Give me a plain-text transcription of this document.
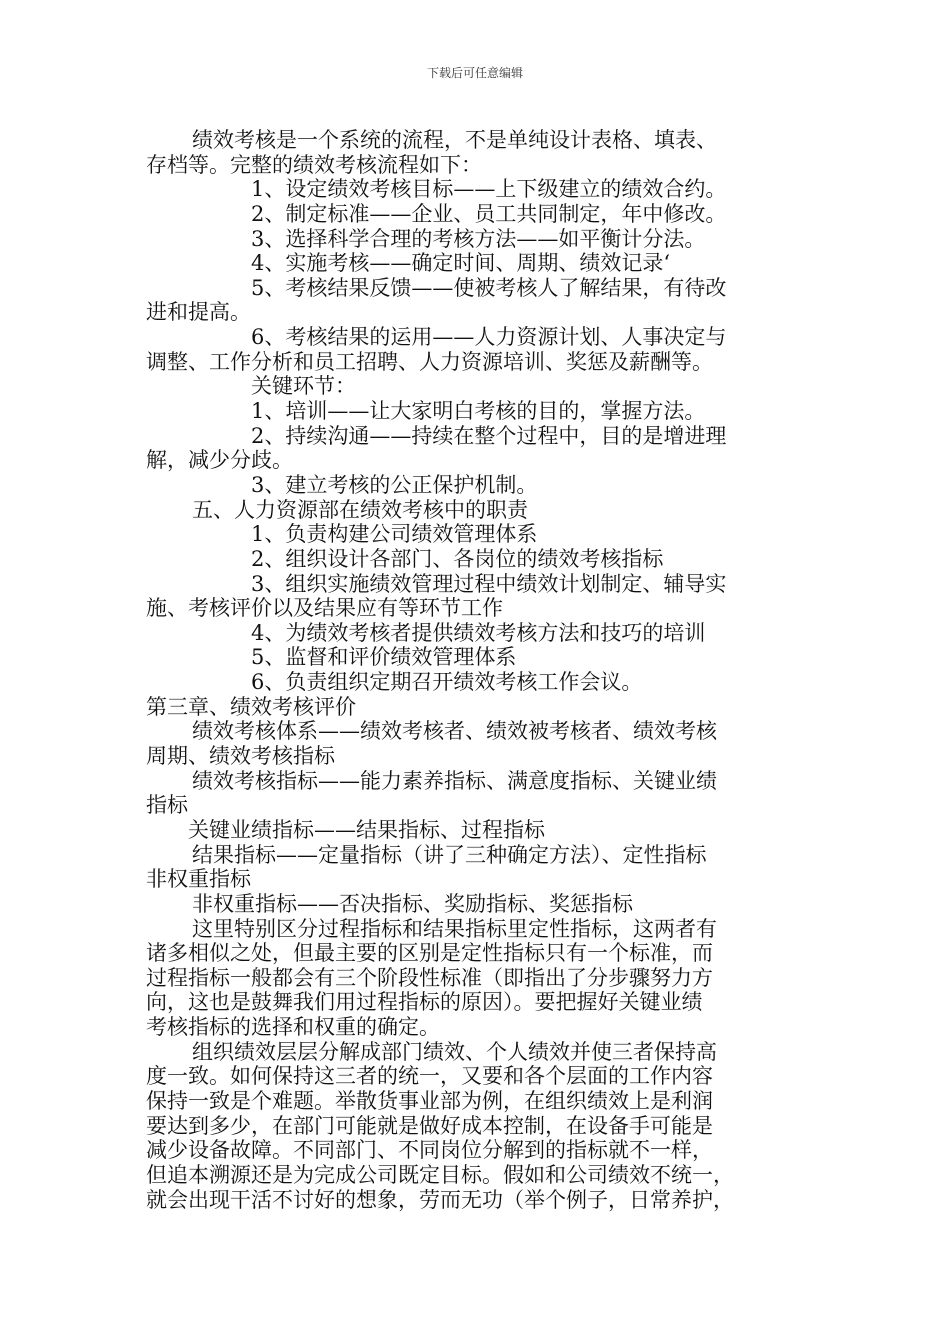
下载后可任意编辑
绩效考核是一个系统的流程，不是单纯设计表格、填表、
存档等。完整的绩效考核流程如下：
1、设定绩效考核目标——上下级建立的绩效合约。
2、制定标准——企业、员工共同制定，年中修改。
3、选择科学合理的考核方法——如平衡计分法。
4、实施考核——确定时间、周期、绩效记录‘
5、考核结果反馈——使被考核人了解结果，有待改
进和提高。
6、考核结果的运用——人力资源计划、人事决定与
调整、工作分析和员工招聘、人力资源培训、奖惩及薪酬等。
关键环节：
1、培训——让大家明白考核的目的，掌握方法。
2、持续沟通——持续在整个过程中，目的是增进理
解，减少分歧。
3、建立考核的公正保护机制。
五、人力资源部在绩效考核中的职责
1、负责构建公司绩效管理体系
2、组织设计各部门、各岗位的绩效考核指标
3、组织实施绩效管理过程中绩效计划制定、辅导实
施、考核评价以及结果应有等环节工作
4、为绩效考核者提供绩效考核方法和技巧的培训
5、监督和评价绩效管理体系
6、负责组织定期召开绩效考核工作会议。
第三章、绩效考核评价
绩效考核体系——绩效考核者、绩效被考核者、绩效考核
周期、绩效考核指标
绩效考核指标——能力素养指标、满意度指标、关键业绩
指标
关键业绩指标——结果指标、过程指标
结果指标——定量指标（讲了三种确定方法）、定性指标
非权重指标
非权重指标——否决指标、奖励指标、奖惩指标
这里特别区分过程指标和结果指标里定性指标，这两者有
诸多相似之处，但最主要的区别是定性指标只有一个标准，而
过程指标一般都会有三个阶段性标准（即指出了分步骤努力方
向，这也是鼓舞我们用过程指标的原因）。要把握好关键业绩
考核指标的选择和权重的确定。
组织绩效层层分解成部门绩效、个人绩效并使三者保持高
度一致。如何保持这三者的统一，又要和各个层面的工作内容
保持一致是个难题。举散货事业部为例，在组织绩效上是利润
要达到多少，在部门可能就是做好成本控制，在设备手可能是
减少设备故障。不同部门、不同岗位分解到的指标就不一样，
但追本溯源还是为完成公司既定目标。假如和公司绩效不统一，
就会出现干活不讨好的想象，劳而无功（举个例子，日常养护，
